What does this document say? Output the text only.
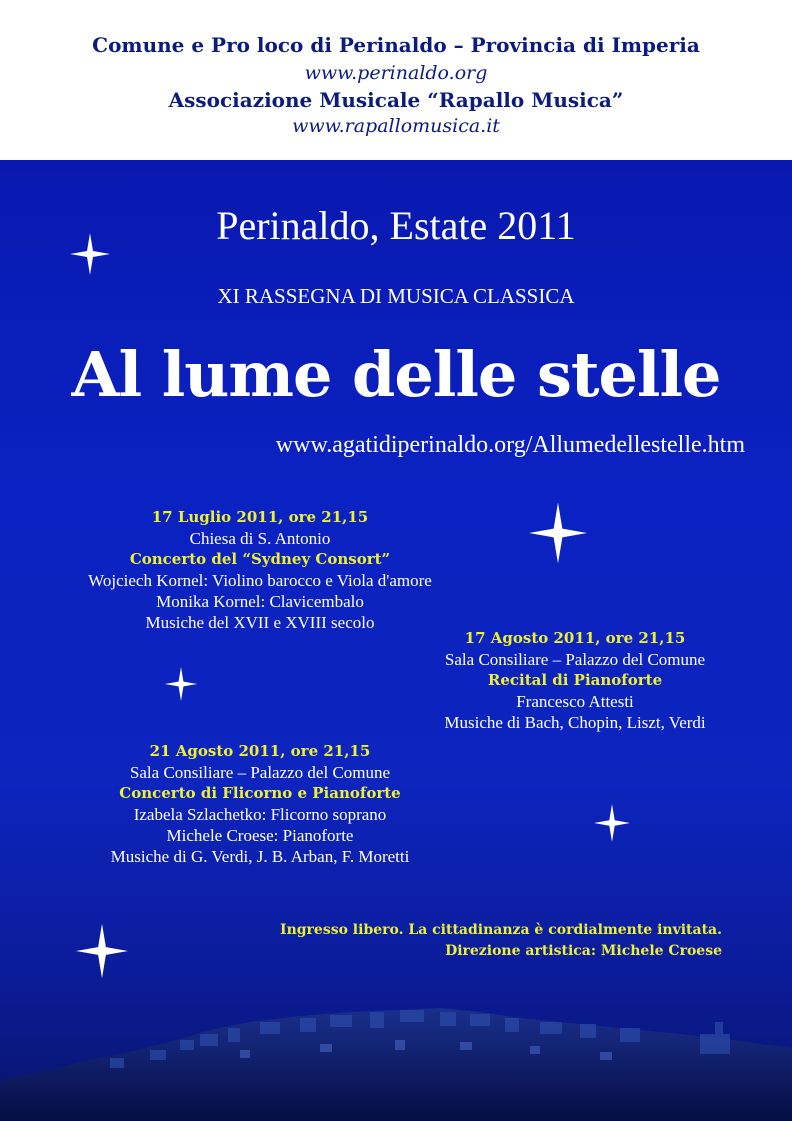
Comune e Pro loco di Perinaldo – Provincia di Imperia
www.perinaldo.org
Associazione Musicale “Rapallo Musica”
www.rapallomusica.it
Perinaldo, Estate 2011
XI RASSEGNA DI MUSICA CLASSICA
Al lume delle stelle
www.agatidiperinaldo.org/Allumedellestelle.htm
17 Luglio 2011, ore 21,15
Chiesa di S. Antonio
Concerto del “Sydney Consort”
Wojciech Kornel: Violino barocco e Viola d'amore
Monika Kornel: Clavicembalo
Musiche del XVII e XVIII secolo
17 Agosto 2011, ore 21,15
Sala Consiliare – Palazzo del Comune
Recital di Pianoforte
Francesco Attesti
Musiche di Bach, Chopin, Liszt, Verdi
21 Agosto 2011, ore 21,15
Sala Consiliare – Palazzo del Comune
Concerto di Flicorno e Pianoforte
Izabela Szlachetko: Flicorno soprano
Michele Croese: Pianoforte
Musiche di G. Verdi, J. B. Arban, F. Moretti
Ingresso libero. La cittadinanza è cordialmente invitata.
Direzione artistica: Michele Croese
